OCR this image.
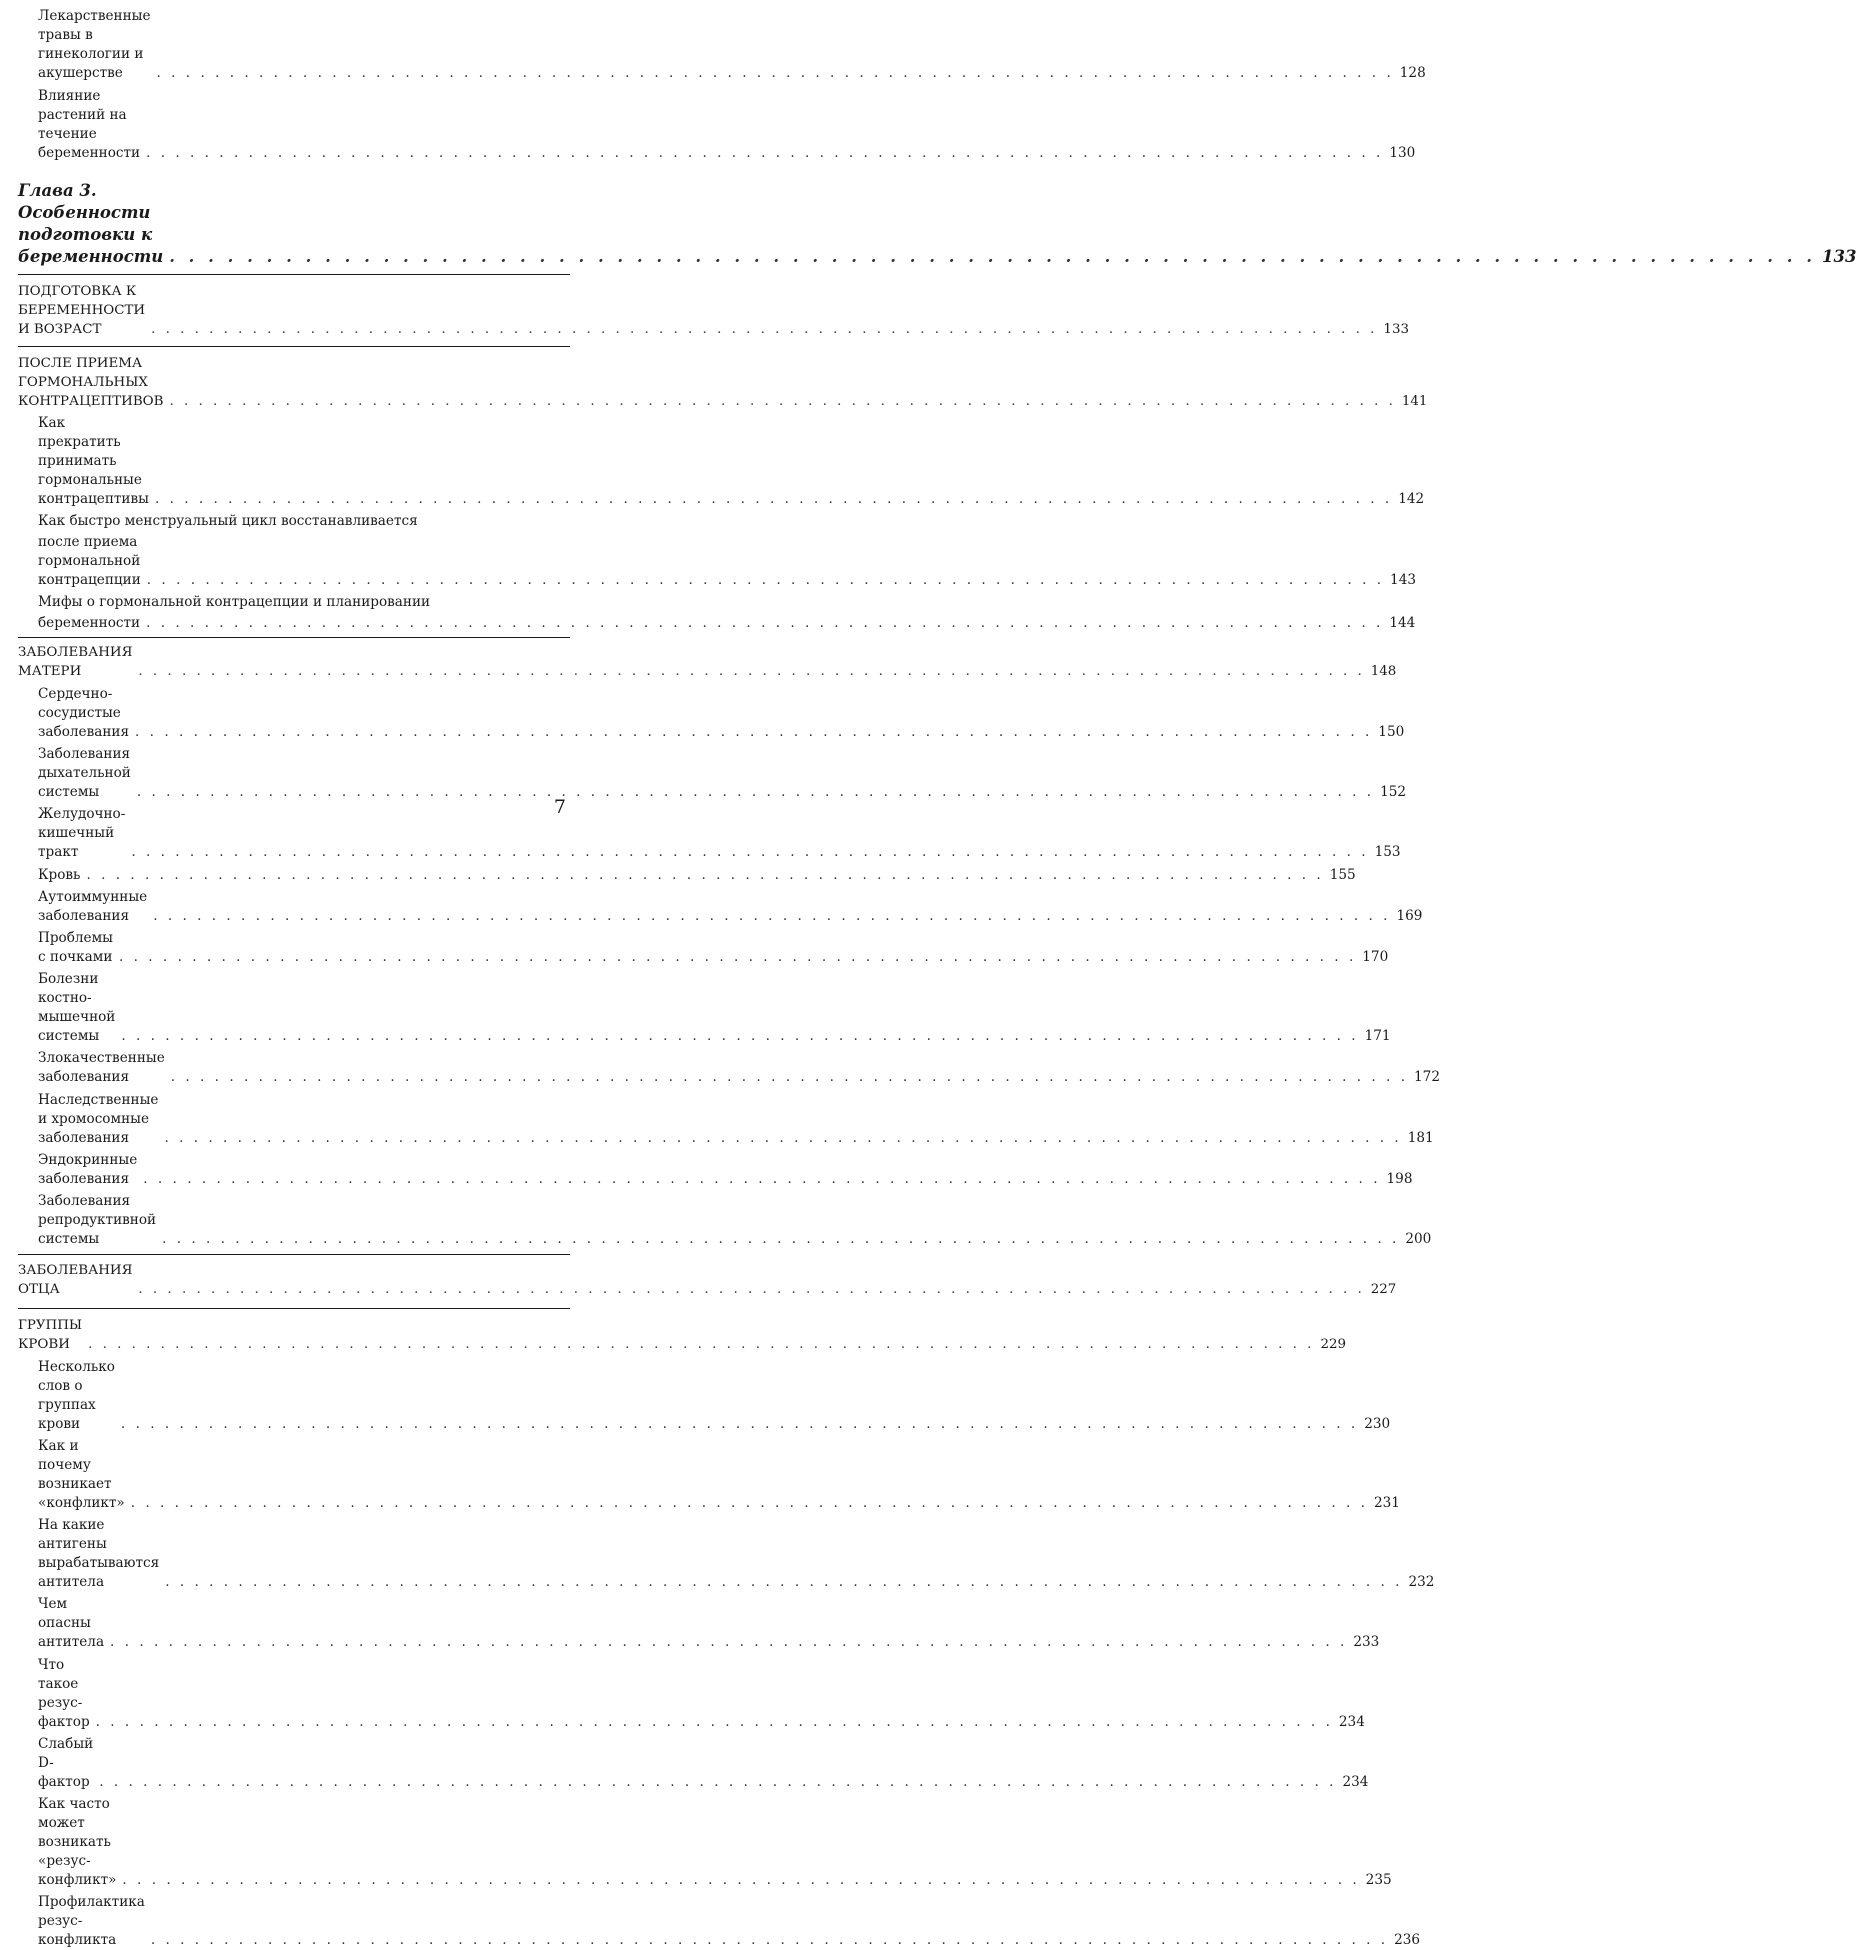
Лекарственные травы в гинекологии и акушерстве . . .	128
Влияние растений на течение беременности . . .	130
Глава 3. Особенности подготовки к беременности . . .	133
ПОДГОТОВКА К БЕРЕМЕННОСТИ И ВОЗРАСТ . . .	133
ПОСЛЕ ПРИЕМА ГОРМОНАЛЬНЫХ КОНТРАЦЕПТИВОВ . . .	141
Как прекратить принимать гормональные контрацептивы . . .	142
Как быстро менструальный цикл восстанавливается
после приема гормональной контрацепции . . .	143
Мифы о гормональной контрацепции и планировании
беременности . . .	144
ЗАБОЛЕВАНИЯ МАТЕРИ . . .	148
Сердечно-сосудистые заболевания . . .	150
Заболевания дыхательной системы . . .	152
Желудочно-кишечный тракт . . .	153
Кровь . . .	155
Аутоиммунные заболевания . . .	169
Проблемы с почками . . .	170
Болезни костно-мышечной системы . . .	171
Злокачественные заболевания . . .	172
Наследственные и хромосомные заболевания . . .	181
Эндокринные заболевания . . .	198
Заболевания репродуктивной системы . . .	200
ЗАБОЛЕВАНИЯ ОТЦА . . .	227
ГРУППЫ КРОВИ . . .	229
Несколько слов о группах крови . . .	230
Как и почему возникает «конфликт» . . .	231
На какие антигены вырабатываются антитела . . .	232
Чем опасны антитела . . .	233
Что такое резус-фактор . . .	234
Слабый D-фактор . . .	234
Как часто может возникать «резус-конфликт» . . .	235
Профилактика резус-конфликта . . .	236
7
